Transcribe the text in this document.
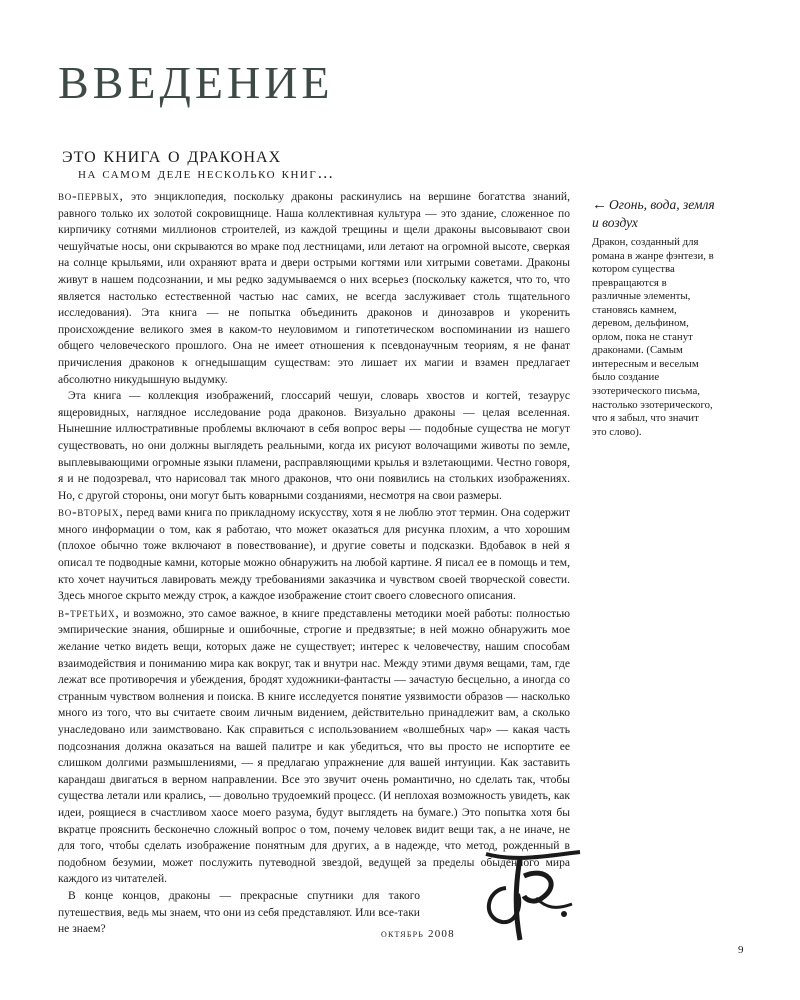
введение
это книга о драконах
на самом деле несколько книг…

во-первых, это энциклопедия, поскольку драконы раскинулись на вершине богатства знаний, равного только их золотой сокровищнице. Наша коллективная культура — это здание, сложенное по кирпичику сотнями миллионов строителей, из каждой трещины и щели драконы высовывают свои чешуйчатые носы, они скрываются во мраке под лестницами, или летают на огромной высоте, сверкая на солнце крыльями, или охраняют врата и двери острыми когтями или хитрыми советами. Драконы живут в нашем подсознании, и мы редко задумываемся о них всерьез (поскольку кажется, что то, что является настолько естественной частью нас самих, не всегда заслуживает столь тщательного исследования). Эта книга — не попытка объединить драконов и динозавров и укоренить происхождение великого змея в каком-то неуловимом и гипотетическом воспоминании из нашего общего человеческого прошлого. Она не имеет отношения к псевдонаучным теориям, я не фанат причисления драконов к огнедышащим существам: это лишает их магии и взамен предлагает абсолютно никудышную выдумку.

Эта книга — коллекция изображений, глоссарий чешуи, словарь хвостов и когтей, тезаурус ящеровидных, наглядное исследование рода драконов. Визуально драконы — целая вселенная. Нынешние иллюстративные проблемы включают в себя вопрос веры — подобные существа не могут существовать, но они должны выглядеть реальными, когда их рисуют волочащими животы по земле, выплевывающими огромные языки пламени, расправляющими крылья и взлетающими. Честно говоря, я и не подозревал, что нарисовал так много драконов, что они появились на стольких изображениях. Но, с другой стороны, они могут быть коварными созданиями, несмотря на свои размеры.

во-вторых, перед вами книга по прикладному искусству, хотя я не люблю этот термин. Она содержит много информации о том, как я работаю, что может оказаться для рисунка плохим, а что хорошим (плохое обычно тоже включают в повествование), и другие советы и подсказки. Вдобавок в ней я описал те подводные камни, которые можно обнаружить на любой картине. Я писал ее в помощь и тем, кто хочет научиться лавировать между требованиями заказчика и чувством своей творческой совести. Здесь многое скрыто между строк, а каждое изображение стоит своего словесного описания.

в-третьих, и возможно, это самое важное, в книге представлены методики моей работы: полностью эмпирические знания, обширные и ошибочные, строгие и предвзятые; в ней можно обнаружить мое желание четко видеть вещи, которых даже не существует; интерес к человечеству, нашим способам взаимодействия и пониманию мира как вокруг, так и внутри нас. Между этими двумя вещами, там, где лежат все противоречия и убеждения, бродят художники-фантасты — зачастую бесцельно, а иногда со странным чувством волнения и поиска. В книге исследуется понятие уязвимости образов — насколько много из того, что вы считаете своим личным видением, действительно принадлежит вам, а сколько унаследовано или заимствовано. Как справиться с использованием «волшебных чар» — какая часть подсознания должна оказаться на вашей палитре и как убедиться, что вы просто не испортите ее слишком долгими размышлениями, — я предлагаю упражнение для вашей интуиции. Как заставить карандаш двигаться в верном направлении. Все это звучит очень романтично, но сделать так, чтобы существа летали или крались, — довольно трудоемкий процесс. (И неплохая возможность увидеть, как идеи, роящиеся в счастливом хаосе моего разума, будут выглядеть на бумаге.) Это попытка хотя бы вкратце прояснить бесконечно сложный вопрос о том, почему человек видит вещи так, а не иначе, не для того, чтобы сделать изображение понятным для других, а в надежде, что метод, рожденный в подобном безумии, может послужить путеводной звездой, ведущей за пределы обыденного мира каждого из читателей.

В конце концов, драконы — прекрасные спутники для такого путешествия, ведь мы знаем, что они из себя представляют. Или все-таки не знаем?

← Огонь, вода, земля и воздух

Дракон, созданный для романа в жанре фэнтези, в котором существа превращаются в различные элементы, становясь камнем, деревом, дельфином, орлом, пока не станут драконами. (Самым интересным и веселым было создание эзотерического письма, настолько эзотерического, что я забыл, что значит это слово).

октябрь 2008
9
